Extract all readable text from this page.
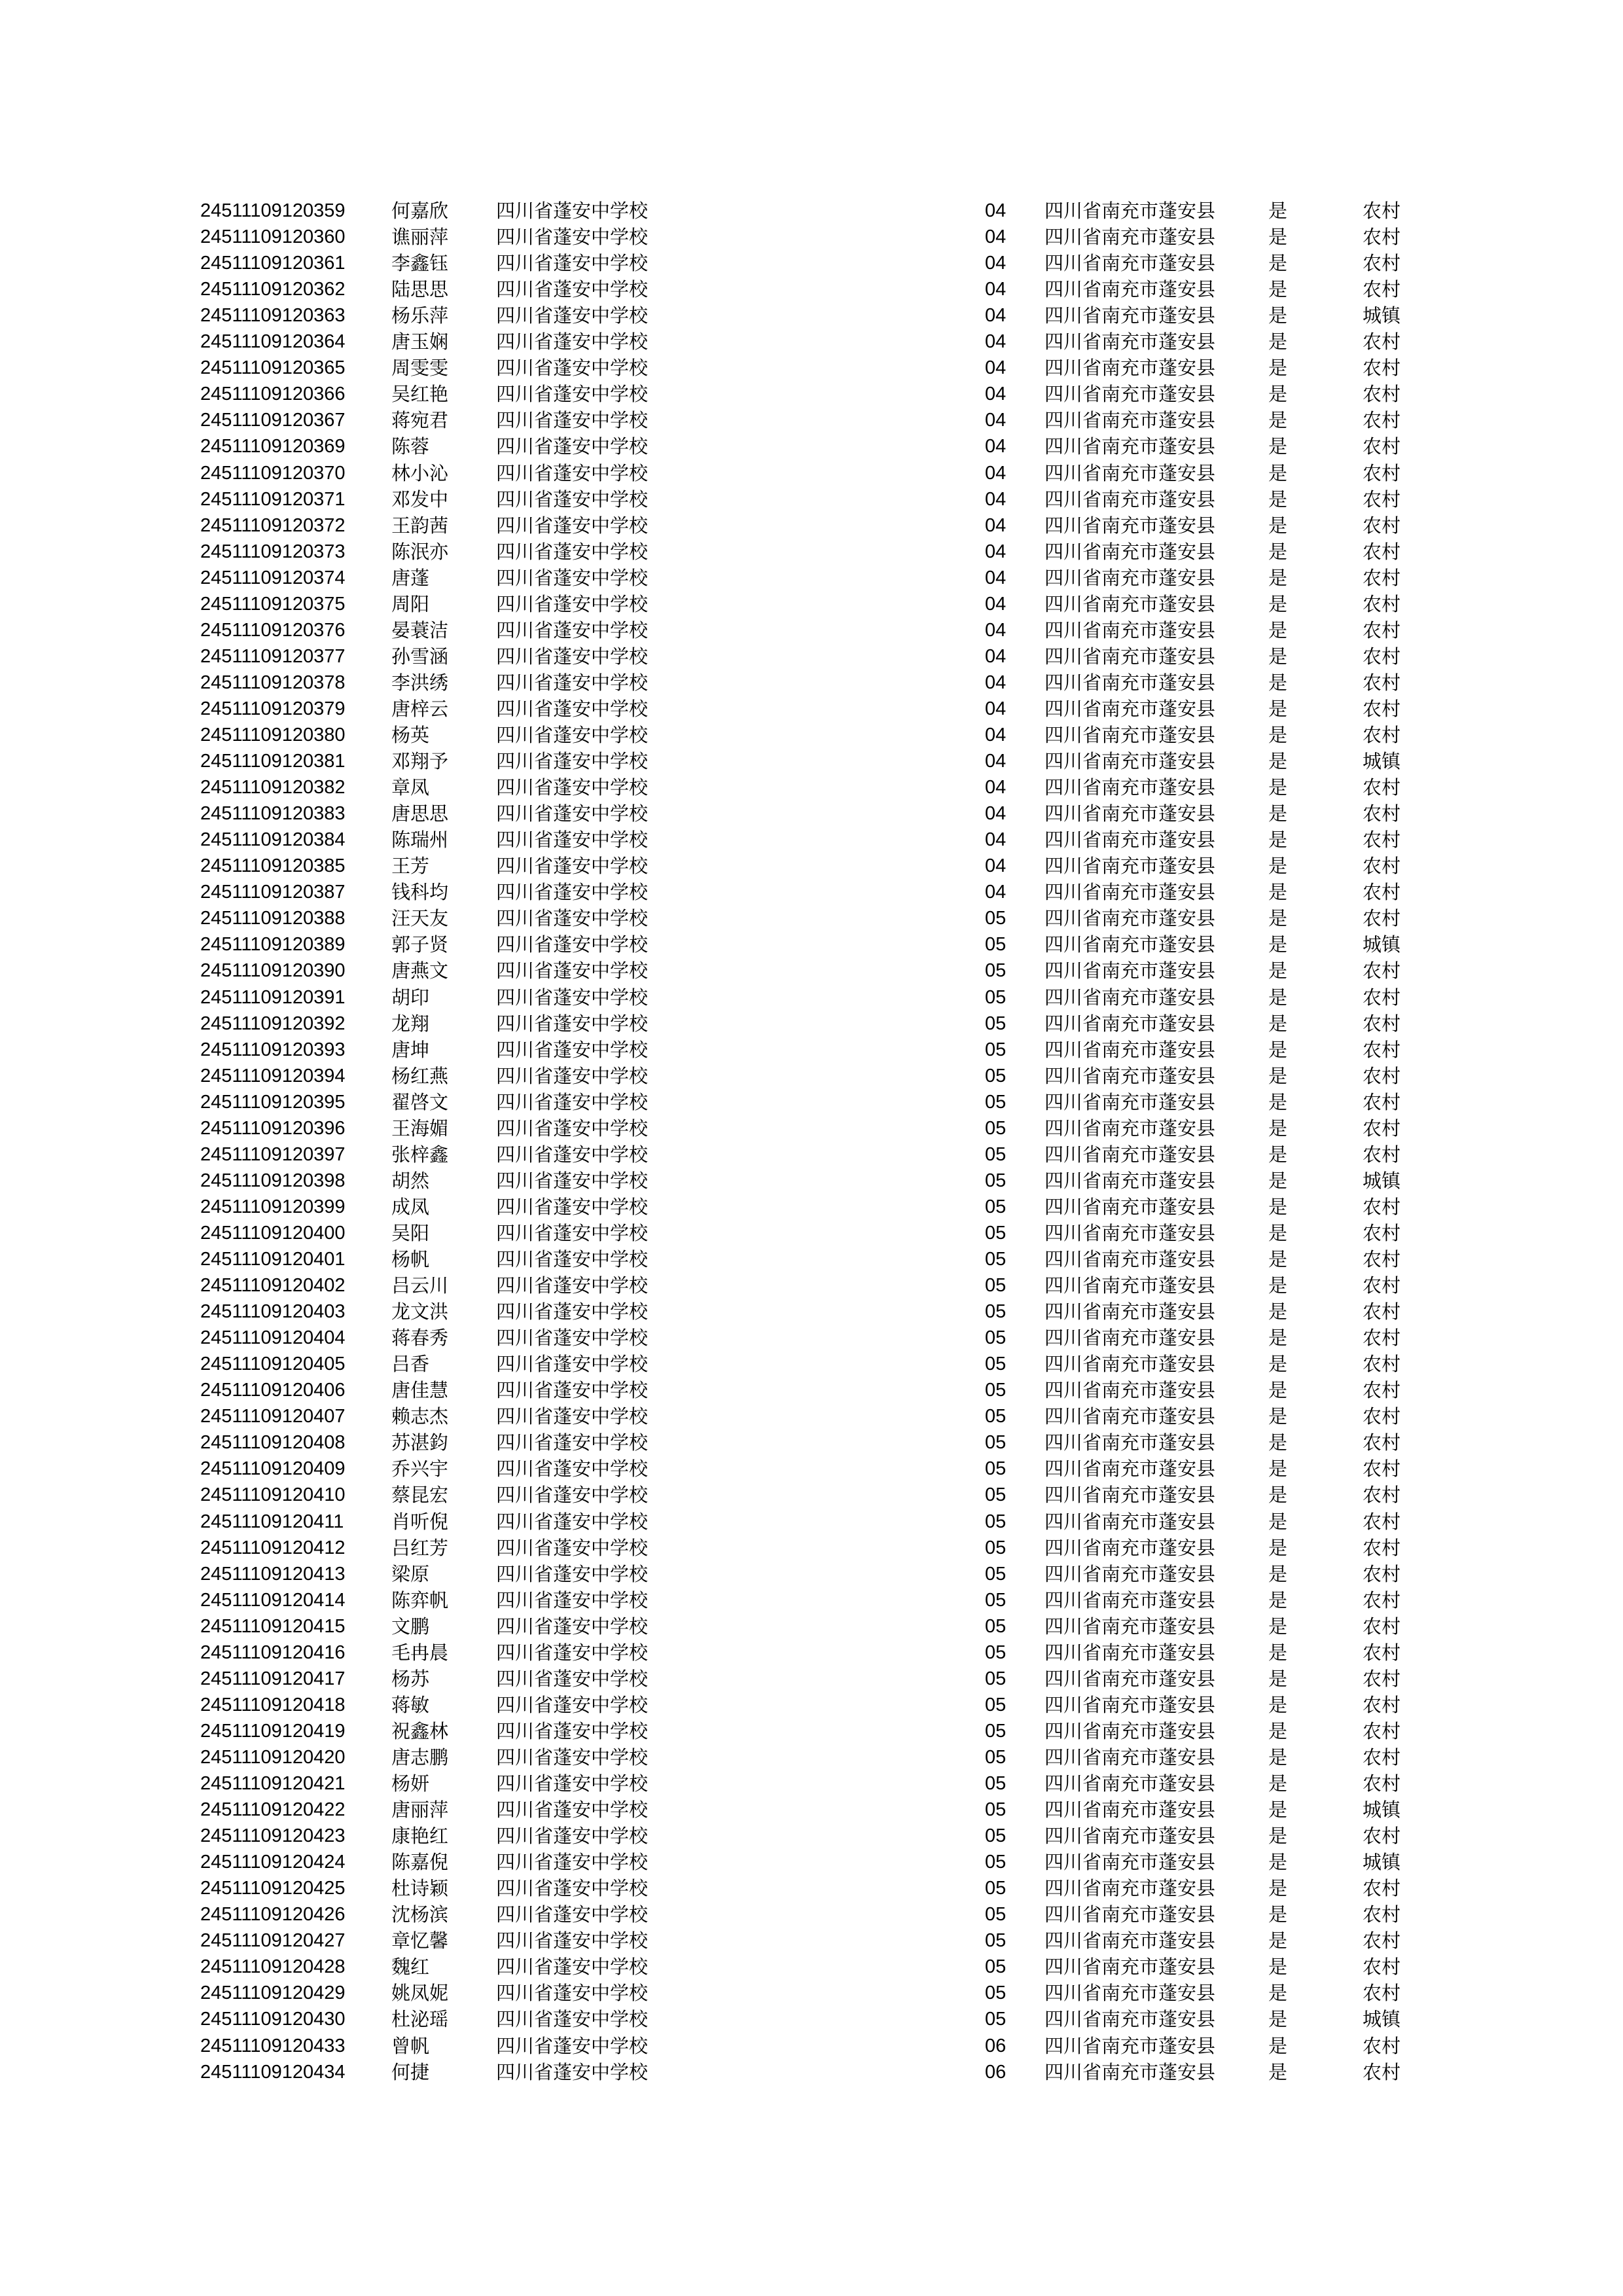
24511109120359 何嘉欣	四川省蓬安中学校	04 四川省南充市蓬安县	是	农村
24511109120360 谯丽萍	四川省蓬安中学校	04 四川省南充市蓬安县	是	农村
24511109120361 李鑫钰	四川省蓬安中学校	04 四川省南充市蓬安县	是	农村
24511109120362 陆思思	四川省蓬安中学校	04 四川省南充市蓬安县	是	农村
24511109120363 杨乐萍	四川省蓬安中学校	04 四川省南充市蓬安县	是	城镇
24511109120364 唐玉娴	四川省蓬安中学校	04 四川省南充市蓬安县	是	农村
24511109120365 周雯雯	四川省蓬安中学校	04 四川省南充市蓬安县	是	农村
24511109120366 吴红艳	四川省蓬安中学校	04 四川省南充市蓬安县	是	农村
24511109120367 蒋宛君	四川省蓬安中学校	04 四川省南充市蓬安县	是	农村
24511109120369 陈蓉	四川省蓬安中学校	04 四川省南充市蓬安县	是	农村
24511109120370 林小沁	四川省蓬安中学校	04 四川省南充市蓬安县	是	农村
24511109120371 邓发中	四川省蓬安中学校	04 四川省南充市蓬安县	是	农村
24511109120372 王韵茜	四川省蓬安中学校	04 四川省南充市蓬安县	是	农村
24511109120373 陈泯亦	四川省蓬安中学校	04 四川省南充市蓬安县	是	农村
24511109120374 唐蓬	四川省蓬安中学校	04 四川省南充市蓬安县	是	农村
24511109120375 周阳	四川省蓬安中学校	04 四川省南充市蓬安县	是	农村
24511109120376 晏蓑洁	四川省蓬安中学校	04 四川省南充市蓬安县	是	农村
24511109120377 孙雪涵	四川省蓬安中学校	04 四川省南充市蓬安县	是	农村
24511109120378 李洪绣	四川省蓬安中学校	04 四川省南充市蓬安县	是	农村
24511109120379 唐梓云	四川省蓬安中学校	04 四川省南充市蓬安县	是	农村
24511109120380 杨英	四川省蓬安中学校	04 四川省南充市蓬安县	是	农村
24511109120381 邓翔予	四川省蓬安中学校	04 四川省南充市蓬安县	是	城镇
24511109120382 章凤	四川省蓬安中学校	04 四川省南充市蓬安县	是	农村
24511109120383 唐思思	四川省蓬安中学校	04 四川省南充市蓬安县	是	农村
24511109120384 陈瑞州	四川省蓬安中学校	04 四川省南充市蓬安县	是	农村
24511109120385 王芳	四川省蓬安中学校	04 四川省南充市蓬安县	是	农村
24511109120387 钱科均	四川省蓬安中学校	04 四川省南充市蓬安县	是	农村
24511109120388 汪天友	四川省蓬安中学校	05 四川省南充市蓬安县	是	农村
24511109120389 郭子贤	四川省蓬安中学校	05 四川省南充市蓬安县	是	城镇
24511109120390 唐燕文	四川省蓬安中学校	05 四川省南充市蓬安县	是	农村
24511109120391 胡印	四川省蓬安中学校	05 四川省南充市蓬安县	是	农村
24511109120392 龙翔	四川省蓬安中学校	05 四川省南充市蓬安县	是	农村
24511109120393 唐坤	四川省蓬安中学校	05 四川省南充市蓬安县	是	农村
24511109120394 杨红燕	四川省蓬安中学校	05 四川省南充市蓬安县	是	农村
24511109120395 翟啓文	四川省蓬安中学校	05 四川省南充市蓬安县	是	农村
24511109120396 王海媚	四川省蓬安中学校	05 四川省南充市蓬安县	是	农村
24511109120397 张梓鑫	四川省蓬安中学校	05 四川省南充市蓬安县	是	农村
24511109120398 胡然	四川省蓬安中学校	05 四川省南充市蓬安县	是	城镇
24511109120399 成凤	四川省蓬安中学校	05 四川省南充市蓬安县	是	农村
24511109120400 吴阳	四川省蓬安中学校	05 四川省南充市蓬安县	是	农村
24511109120401 杨帆	四川省蓬安中学校	05 四川省南充市蓬安县	是	农村
24511109120402 吕云川	四川省蓬安中学校	05 四川省南充市蓬安县	是	农村
24511109120403 龙文洪	四川省蓬安中学校	05 四川省南充市蓬安县	是	农村
24511109120404 蒋春秀	四川省蓬安中学校	05 四川省南充市蓬安县	是	农村
24511109120405 吕香	四川省蓬安中学校	05 四川省南充市蓬安县	是	农村
24511109120406 唐佳慧	四川省蓬安中学校	05 四川省南充市蓬安县	是	农村
24511109120407 赖志杰	四川省蓬安中学校	05 四川省南充市蓬安县	是	农村
24511109120408 苏湛鈞	四川省蓬安中学校	05 四川省南充市蓬安县	是	农村
24511109120409 乔兴宇	四川省蓬安中学校	05 四川省南充市蓬安县	是	农村
24511109120410 蔡昆宏	四川省蓬安中学校	05 四川省南充市蓬安县	是	农村
24511109120411	肖听倪	四川省蓬安中学校	05 四川省南充市蓬安县	是	农村
24511109120412 吕红芳	四川省蓬安中学校	05 四川省南充市蓬安县	是	农村
24511109120413 梁原	四川省蓬安中学校	05 四川省南充市蓬安县	是	农村
24511109120414 陈弈帆	四川省蓬安中学校	05 四川省南充市蓬安县	是	农村
24511109120415 文鹏	四川省蓬安中学校	05 四川省南充市蓬安县	是	农村
24511109120416 毛冉晨	四川省蓬安中学校	05 四川省南充市蓬安县	是	农村
24511109120417 杨苏	四川省蓬安中学校	05 四川省南充市蓬安县	是	农村
24511109120418 蒋敏	四川省蓬安中学校	05 四川省南充市蓬安县	是	农村
24511109120419 祝鑫林	四川省蓬安中学校	05 四川省南充市蓬安县	是	农村
24511109120420 唐志鹏	四川省蓬安中学校	05 四川省南充市蓬安县	是	农村
24511109120421 杨妍	四川省蓬安中学校	05 四川省南充市蓬安县	是	农村
24511109120422 唐丽萍	四川省蓬安中学校	05 四川省南充市蓬安县	是	城镇
24511109120423 康艳红	四川省蓬安中学校	05 四川省南充市蓬安县	是	农村
24511109120424 陈嘉倪	四川省蓬安中学校	05 四川省南充市蓬安县	是	城镇
24511109120425 杜诗颖	四川省蓬安中学校	05 四川省南充市蓬安县	是	农村
24511109120426 沈杨滨	四川省蓬安中学校	05 四川省南充市蓬安县	是	农村
24511109120427 章忆馨	四川省蓬安中学校	05 四川省南充市蓬安县	是	农村
24511109120428 魏红	四川省蓬安中学校	05 四川省南充市蓬安县	是	农村
24511109120429 姚凤妮	四川省蓬安中学校	05 四川省南充市蓬安县	是	农村
24511109120430 杜泌瑶	四川省蓬安中学校	05 四川省南充市蓬安县	是	城镇
24511109120433 曾帆	四川省蓬安中学校	06 四川省南充市蓬安县	是	农村
24511109120434 何捷	四川省蓬安中学校	06 四川省南充市蓬安县	是	农村
